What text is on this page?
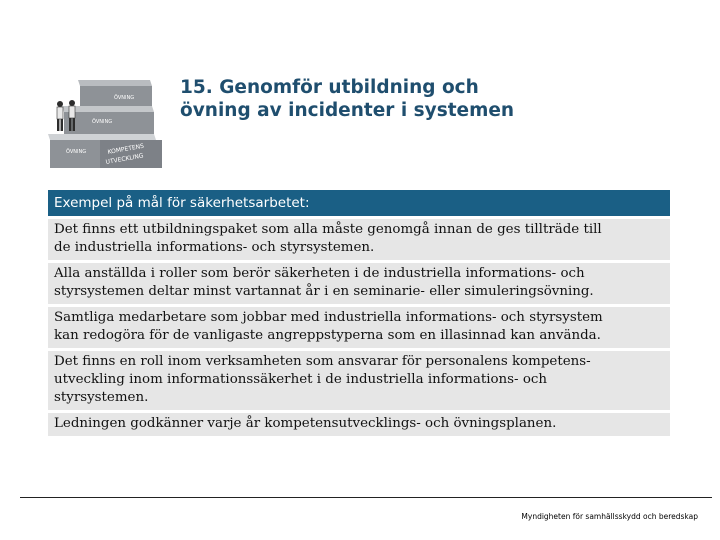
ÖVNING
ÖVNING
ÖVNING	KOMPETENS
UTVECKLING
15. Genomför utbildning och
övning av incidenter i systemen
Exempel på mål för säkerhetsarbetet:
Det finns ett utbildningspaket som alla måste genomgå innan de ges tillträde till
de industriella informations- och styrsystemen.
Alla anställda i roller som berör säkerheten i de industriella informations- och
styrsystemen deltar minst vartannat år i en seminarie- eller simuleringsövning.
Samtliga medarbetare som jobbar med industriella informations- och styrsystem
kan redogöra för de vanligaste angreppstyperna som en illasinnad kan använda.
Det finns en roll inom verksamheten som ansvarar för personalens kompetens-
utveckling inom informationssäkerhet i de industriella informations- och
styrsystemen.
Ledningen godkänner varje år kompetensutvecklings- och övningsplanen.
Myndigheten för samhällsskydd och beredskap
